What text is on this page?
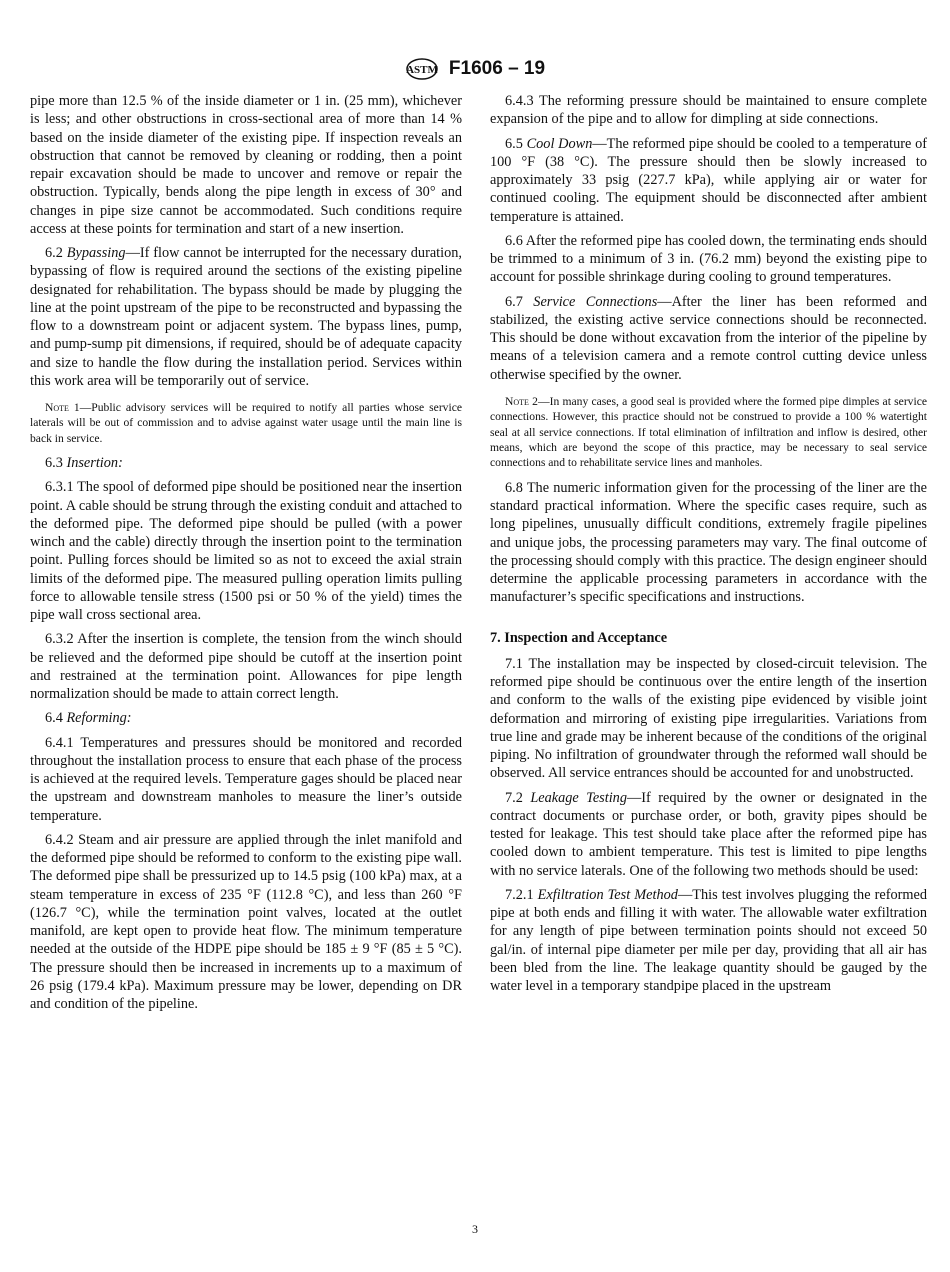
ASTM F1606 – 19

pipe more than 12.5 % of the inside diameter or 1 in. (25 mm), whichever is less; and other obstructions in cross-sectional area of more than 14 % based on the inside diameter of the existing pipe. If inspection reveals an obstruction that cannot be removed by cleaning or rodding, then a point repair excavation should be made to uncover and remove or repair the obstruction. Typically, bends along the pipe length in excess of 30° and changes in pipe size cannot be accommodated. Such conditions require access at these points for termination and start of a new insertion.

6.2 Bypassing—If flow cannot be interrupted for the necessary duration, bypassing of flow is required around the sections of the existing pipeline designated for rehabilitation. The bypass should be made by plugging the line at the point upstream of the pipe to be reconstructed and bypassing the flow to a downstream point or adjacent system. The bypass lines, pump, and pump-sump pit dimensions, if required, should be of adequate capacity and size to handle the flow during the installation period. Services within this work area will be temporarily out of service.

Note 1—Public advisory services will be required to notify all parties whose service laterals will be out of commission and to advise against water usage until the main line is back in service.

6.3 Insertion:

6.3.1 The spool of deformed pipe should be positioned near the insertion point. A cable should be strung through the existing conduit and attached to the deformed pipe. The deformed pipe should be pulled (with a power winch and the cable) directly through the insertion point to the termination point. Pulling forces should be limited so as not to exceed the axial strain limits of the deformed pipe. The measured pulling operation limits pulling force to allowable tensile stress (1500 psi or 50 % of the yield) times the pipe wall cross sectional area.

6.3.2 After the insertion is complete, the tension from the winch should be relieved and the deformed pipe should be cutoff at the insertion point and restrained at the termination point. Allowances for pipe length normalization should be made to attain correct length.

6.4 Reforming:

6.4.1 Temperatures and pressures should be monitored and recorded throughout the installation process to ensure that each phase of the process is achieved at the required levels. Temperature gages should be placed near the upstream and downstream manholes to measure the liner’s outside temperature.

6.4.2 Steam and air pressure are applied through the inlet manifold and the deformed pipe should be reformed to conform to the existing pipe wall. The deformed pipe shall be pressurized up to 14.5 psig (100 kPa) max, at a steam temperature in excess of 235 °F (112.8 °C), and less than 260 °F (126.7 °C), while the termination point valves, located at the outlet manifold, are kept open to provide heat flow. The minimum temperature needed at the outside of the HDPE pipe should be 185 ± 9 °F (85 ± 5 °C). The pressure should then be increased in increments up to a maximum of 26 psig (179.4 kPa). Maximum pressure may be lower, depending on DR and condition of the pipeline.

6.4.3 The reforming pressure should be maintained to ensure complete expansion of the pipe and to allow for dimpling at side connections.

6.5 Cool Down—The reformed pipe should be cooled to a temperature of 100 °F (38 °C). The pressure should then be slowly increased to approximately 33 psig (227.7 kPa), while applying air or water for continued cooling. The equipment should be disconnected after ambient temperature is attained.

6.6 After the reformed pipe has cooled down, the terminating ends should be trimmed to a minimum of 3 in. (76.2 mm) beyond the existing pipe to account for possible shrinkage during cooling to ground temperatures.

6.7 Service Connections—After the liner has been reformed and stabilized, the existing active service connections should be reconnected. This should be done without excavation from the interior of the pipeline by means of a television camera and a remote control cutting device unless otherwise specified by the owner.

Note 2—In many cases, a good seal is provided where the formed pipe dimples at service connections. However, this practice should not be construed to provide a 100 % watertight seal at all service connections. If total elimination of infiltration and inflow is desired, other means, which are beyond the scope of this practice, may be necessary to seal service connections and to rehabilitate service lines and manholes.

6.8 The numeric information given for the processing of the liner are the standard practical information. Where the specific cases require, such as long pipelines, unusually difficult conditions, extremely fragile pipelines and unique jobs, the processing parameters may vary. The final outcome of the processing should comply with this practice. The design engineer should determine the applicable processing parameters in accordance with the manufacturer’s specific specifications and instructions.

7. Inspection and Acceptance

7.1 The installation may be inspected by closed-circuit television. The reformed pipe should be continuous over the entire length of the insertion and conform to the walls of the existing pipe evidenced by visible joint deformation and mirroring of existing pipe irregularities. Variations from true line and grade may be inherent because of the conditions of the original piping. No infiltration of groundwater through the reformed wall should be observed. All service entrances should be accounted for and unobstructed.

7.2 Leakage Testing—If required by the owner or designated in the contract documents or purchase order, or both, gravity pipes should be tested for leakage. This test should take place after the reformed pipe has cooled down to ambient temperature. This test is limited to pipe lengths with no service laterals. One of the following two methods should be used:

7.2.1 Exfiltration Test Method—This test involves plugging the reformed pipe at both ends and filling it with water. The allowable water exfiltration for any length of pipe between termination points should not exceed 50 gal/in. of internal pipe diameter per mile per day, providing that all air has been bled from the line. The leakage quantity should be gauged by the water level in a temporary standpipe placed in the upstream

3
